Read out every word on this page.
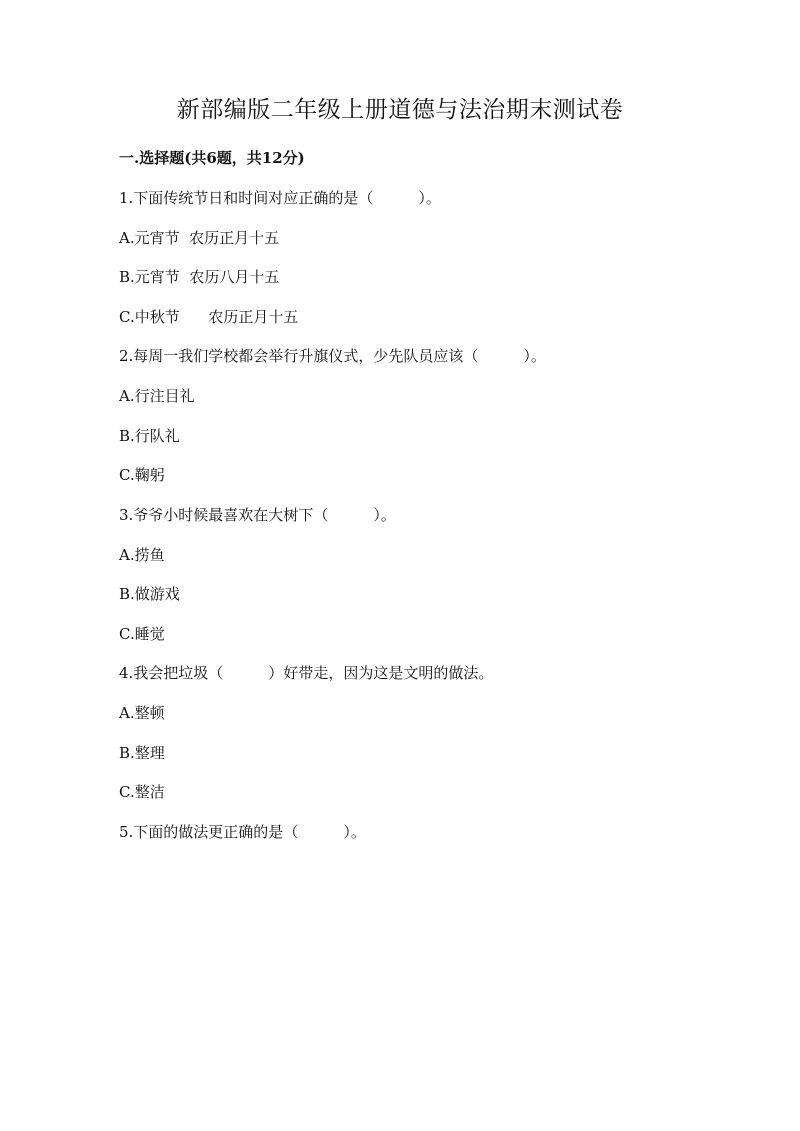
新部编版二年级上册道德与法治期末测试卷
一.选择题(共6题，共12分)
1.下面传统节日和时间对应正确的是（　　　）。
A.元宵节  农历正月十五
B.元宵节  农历八月十五
C.中秋节      农历正月十五
2.每周一我们学校都会举行升旗仪式，少先队员应该（　　　）。
A.行注目礼
B.行队礼
C.鞠躬
3.爷爷小时候最喜欢在大树下（　　　）。
A.捞鱼
B.做游戏
C.睡觉
4.我会把垃圾（　　　）好带走，因为这是文明的做法。
A.整顿
B.整理
C.整洁
5.下面的做法更正确的是（　　　）。
